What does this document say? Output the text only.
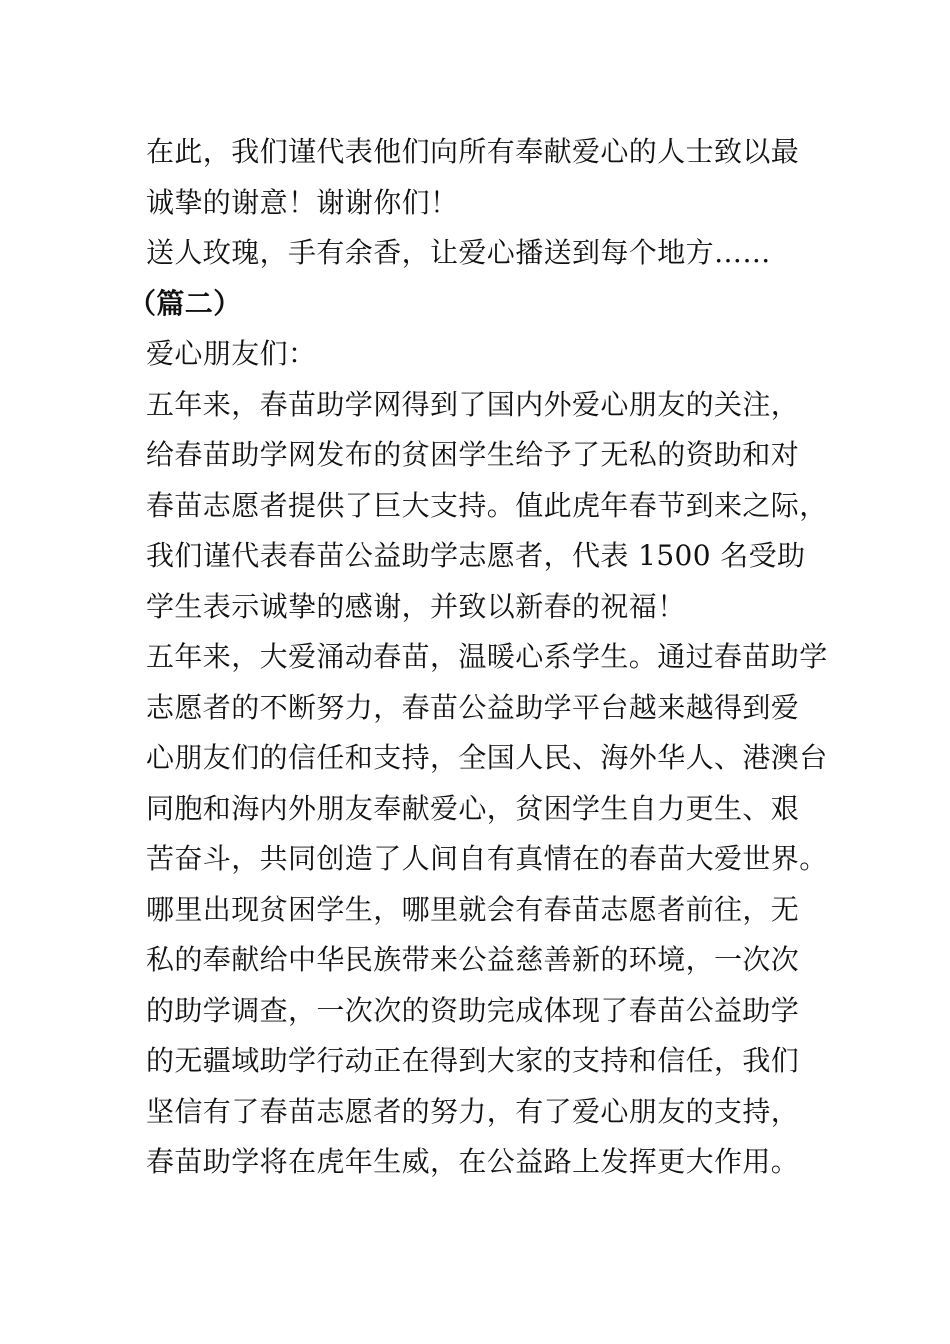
在此，我们谨代表他们向所有奉献爱心的人士致以最
诚挚的谢意！谢谢你们！
送人玫瑰，手有余香，让爱心播送到每个地方……
（篇二）
爱心朋友们：
五年来，春苗助学网得到了国内外爱心朋友的关注，
给春苗助学网发布的贫困学生给予了无私的资助和对
春苗志愿者提供了巨大支持。值此虎年春节到来之际，
我们谨代表春苗公益助学志愿者，代表 1500 名受助
学生表示诚挚的感谢，并致以新春的祝福！
五年来，大爱涌动春苗，温暖心系学生。通过春苗助学
志愿者的不断努力，春苗公益助学平台越来越得到爱
心朋友们的信任和支持，全国人民、海外华人、港澳台
同胞和海内外朋友奉献爱心，贫困学生自力更生、艰
苦奋斗，共同创造了人间自有真情在的春苗大爱世界。
哪里出现贫困学生，哪里就会有春苗志愿者前往，无
私的奉献给中华民族带来公益慈善新的环境，一次次
的助学调查，一次次的资助完成体现了春苗公益助学
的无疆域助学行动正在得到大家的支持和信任，我们
坚信有了春苗志愿者的努力，有了爱心朋友的支持，
春苗助学将在虎年生威，在公益路上发挥更大作用。
